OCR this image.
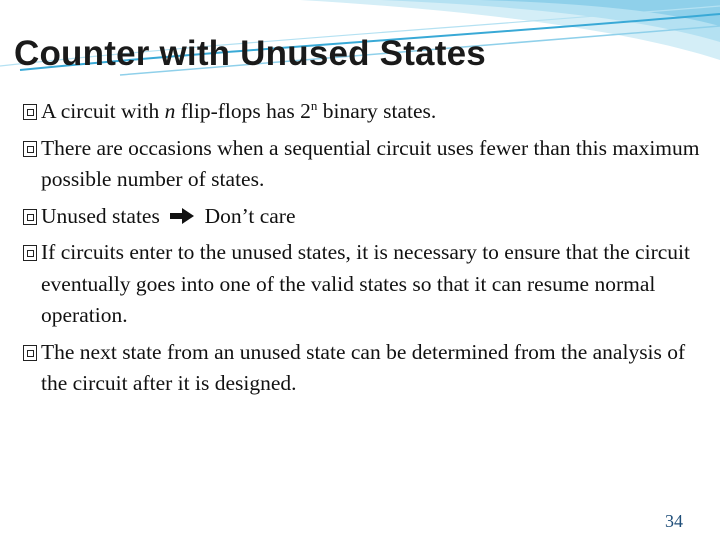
Counter with Unused States
A circuit with n flip‐flops has 2$^n$ binary states.
There are occasions when a sequential circuit uses fewer than this maximum possible number of states.
Unused states Don’t care
If circuits enter to the unused states, it is necessary to ensure that the circuit eventually goes into one of the valid states so that it can resume normal operation.
The next state from an unused state can be determined from the analysis of the circuit after it is designed.
34
